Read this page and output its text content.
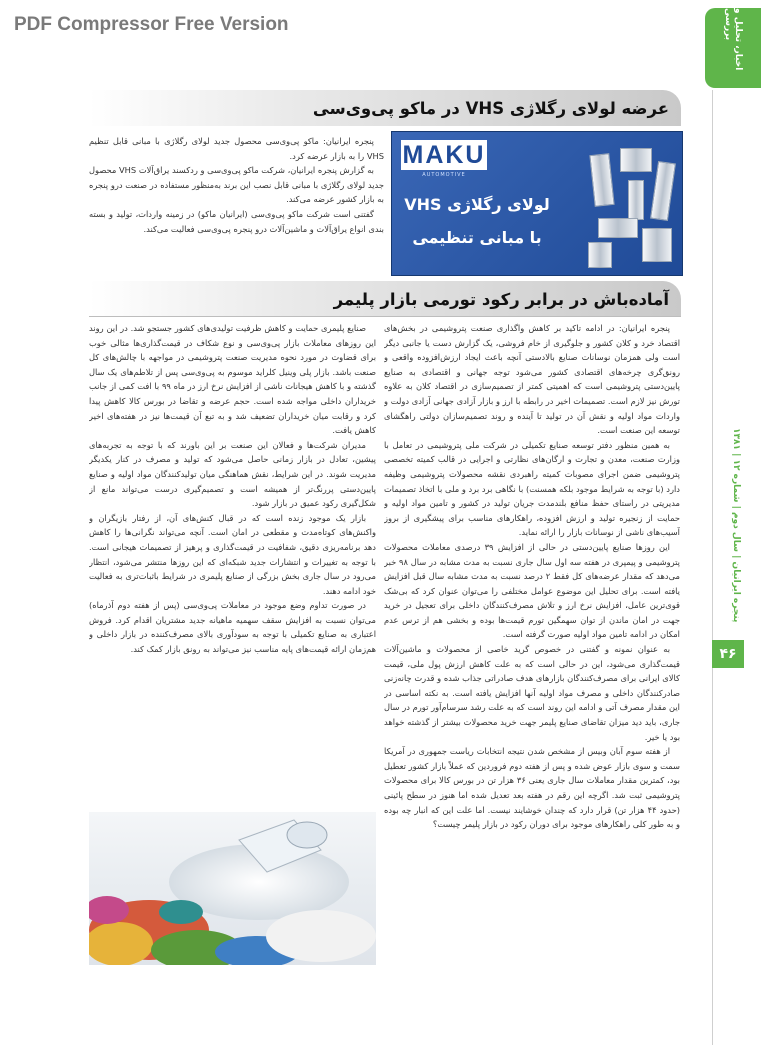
PDF Compressor Free Version	اخبار، تحلیل و بررسی
پنجره ایرانیان | سال دوم | شماره ۱۲ | ۱۳۸۱
۴۶
عرضه لولای رگلاژی VHS در ماکو پی‌وی‌سی
MAKU
AUTOMOTIVE
لولای رگلاژی VHS
با مبانی تنظیمی

پنجره ایرانیان: ماکو پی‌وی‌سی محصول جدید لولای رگلاژی با مبانی قابل تنظیم VHS را به بازار عرضه کرد.

به گزارش پنجره ایرانیان، شرکت ماکو پی‌وی‌سی و ردکسند یراق‌آلات VHS محصول جدید لولای رگلاژی با مبانی قابل نصب این برند به‌منظور مستفاده در صنعت درو پنجره به بازار کشور عرضه می‌کند.

گفتنی است شرکت ماکو پی‌وی‌سی (ایرانیان ماکو) در زمینه واردات، تولید و بسته بندی انواع یراق‌آلات و ماشین‌آلات درو پنجره پی‌وی‌سی فعالیت می‌کند.

آماده‌باش در برابر رکود تورمی بازار پلیمر

پنجره ایرانیان: در ادامه تاکید بر کاهش واگذاری صنعت پتروشیمی در بخش‌های اقتصاد خرد و کلان کشور و جلوگیری از خام فروشی، یک گزارش دست یا جانبی دیگر است ولی همزمان نوسانات صنایع بالادستی آنچه باعث ایجاد ارزش‌افزوده واقعی و رونق‌گری چرخه‌های اقتصادی کشور می‌شود توجه جهانی و اقتصادی به صنایع پایین‌دستی پتروشیمی است که اهمیتی کمتر از تصمیم‌سازی در اقتصاد کلان به علاوه تورش نیز لازم است. تصمیمات اخیر در رابطه با ارز و بازار آزادی جهانی آزادی دولت و واردات مواد اولیه و نقش آن در تولید تا آینده و روند تصمیم‌سازان دولتی راهگشای توسعه این صنعت است.

به همین منظور دفتر توسعه صنایع تکمیلی در شرکت ملی پتروشیمی در تعامل با وزارت صنعت، معدن و تجارت و ارگان‌های نظارتی و اجرایی در قالب کمیته تخصصی پتروشیمی ضمن اجرای مصوبات کمیته راهبردی نقشه محصولات پتروشیمی وظیفه دارد (با توجه به شرایط موجود بلکه همسنت) با نگاهی برد برد و ملی با اتخاذ تصمیمات مدیریتی در راستای حفظ منافع بلندمدت جریان تولید در کشور و تامین مواد اولیه و حمایت از زنجیره تولید و ارزش افزوده، راهکارهای مناسب برای پیشگیری از بروز آسیب‌های ناشی از نوسانات بازار را ارائه نماید.

این روزها صنایع پایین‌دستی در حالی از افزایش ۳۹ درصدی معاملات محصولات پتروشیمی و پیمپری در هفته سه اول سال جاری نسبت به مدت مشابه در سال ۹۸ خبر می‌دهد که مقدار عرضه‌های کل فقط ۲ درصد نسبت به مدت مشابه سال قبل افزایش یافته است. برای تحلیل این موضوع عوامل مختلفی را می‌توان عنوان کرد که بی‌شک قوی‌ترین عامل، افزایش نرخ ارز و تلاش مصرف‌کنندگان داخلی برای تعجیل در خرید جهت در امان ماندن از توان سهمگین تورم قیمت‌ها بوده و بخشی هم از ترس عدم امکان در ادامه تامین مواد اولیه صورت گرفته است.

به عنوان نمونه و گفتنی در خصوص گرید خاصی از محصولات و ماشین‌آلات قیمت‌گذاری می‌شود، این در حالی است که به علت کاهش ارزش پول ملی، قیمت کالای ایرانی برای مصرف‌کنندگان بازارهای هدف صادراتی جذاب شده و قدرت چانه‌زنی صادرکنندگان داخلی و مصرف مواد اولیه آنها افزایش یافته است. به نکته اساسی در این مقدار مصرف آتی و ادامه این روند است که به علت رشد سرسام‌آور تورم در سال جاری، باید دید میزان تقاضای صنایع پلیمر جهت خرید محصولات بیشتر از گذشته خواهد بود یا خیر.

از هفته سوم آبان وبیس از مشخص شدن نتیجه انتخابات ریاست جمهوری در آمریکا سمت و سوی بازار عوض شده و پس از هفته دوم فروردین که عملاً بازار کشور تعطیل بود، کمترین مقدار معاملات سال جاری یعنی ۳۶ هزار تن در بورس کالا برای محصولات پتروشیمی ثبت شد. اگرچه این رقم در هفته بعد تعدیل شده اما هنوز در سطح پائینی (حدود ۴۴ هزار تن) قرار دارد که چندان خوشایند نیست. اما علت این که انبار چه بوده و به طور کلی راهکارهای موجود برای دوران رکود در بازار پلیمر چیست؟

صنایع پلیمری حمایت و کاهش ظرفیت تولیدی‌های کشور جستجو شد. در این روند این روزهای معاملات بازار پی‌وی‌سی و نوع شکاف در قیمت‌گذاری‌ها مثالی خوب برای قضاوت در مورد نحوه مدیریت صنعت پتروشیمی در مواجهه با چالش‌های کل صنعت باشد. بازار پلی وینیل کلراید موسوم به پی‌وی‌سی پس از تلاطم‌های یک سال گذشته و با کاهش هیجانات ناشی از افزایش نرخ ارز در ماه ۹۹ با افت کمی از جانب خریداران داخلی مواجه شده است. حجم عرضه و تقاضا در بورس کالا کاهش پیدا کرد و رقابت میان خریداران تضعیف شد و به تبع آن قیمت‌ها نیز در هفته‌های اخیر کاهش یافت.

مدیران شرکت‌ها و فعالان این صنعت بر این باورند که با توجه به تجربه‌های پیشین، تعادل در بازار زمانی حاصل می‌شود که تولید و مصرف در کنار یکدیگر مدیریت شوند. در این شرایط، نقش هماهنگی میان تولیدکنندگان مواد اولیه و صنایع پایین‌دستی پررنگ‌تر از همیشه است و تصمیم‌گیری درست می‌تواند مانع از شکل‌گیری رکود عمیق در بازار شود.

بازار یک موجود زنده است که در قبال کنش‌های آن، از رفتار بازیگران و واکنش‌های کوتاه‌مدت و مقطعی در امان است. آنچه می‌تواند نگرانی‌ها را کاهش دهد برنامه‌ریزی دقیق، شفافیت در قیمت‌گذاری و پرهیز از تصمیمات هیجانی است. با توجه به تغییرات و انتشارات جدید شبکه‌ای که این روزها منتشر می‌شود، انتظار می‌رود در سال جاری بخش بزرگی از صنایع پلیمری در شرایط باثبات‌تری به فعالیت خود ادامه دهند.

در صورت تداوم وضع موجود در معاملات پی‌وی‌سی (پس از هفته دوم آذرماه) می‌توان نسبت به افزایش سقف سهمیه ماهیانه جدید مشتریان اقدام کرد. فروش اعتباری به صنایع تکمیلی با توجه به سودآوری بالای مصرف‌کننده در بازار داخلی و هم‌زمان ارائه قیمت‌های پایه مناسب نیز می‌تواند به رونق بازار کمک کند.
